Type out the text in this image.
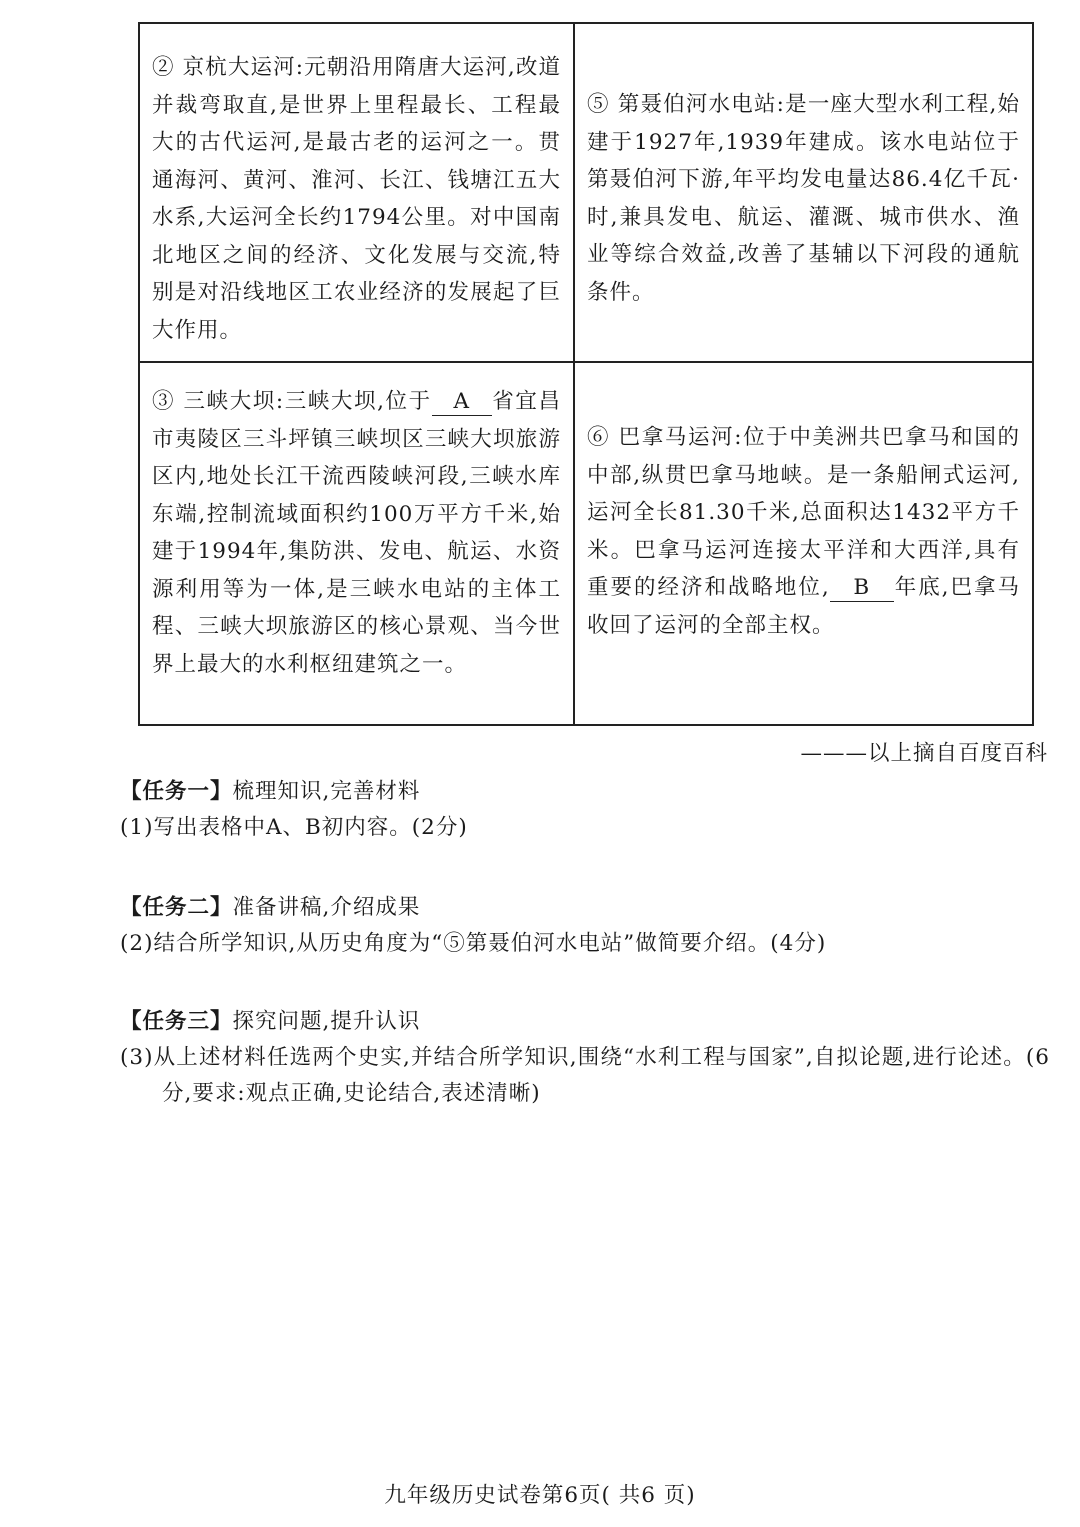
② 京杭大运河:元朝沿用隋唐大运河,改道并裁弯取直,是世界上里程最长、工程最大的古代运河,是最古老的运河之一。贯通海河、黄河、淮河、长江、钱塘江五大水系,大运河全长约1794公里。对中国南北地区之间的经济、文化发展与交流,特别是对沿线地区工农业经济的发展起了巨大作用。
⑤ 第聂伯河水电站:是一座大型水利工程,始建于1927年,1939年建成。该水电站位于第聂伯河下游,年平均发电量达86.4亿千瓦·时,兼具发电、航运、灌溉、城市供水、渔业等综合效益,改善了基辅以下河段的通航条件。
③ 三峡大坝:三峡大坝,位于 A 省宜昌市夷陵区三斗坪镇三峡坝区三峡大坝旅游区内,地处长江干流西陵峡河段,三峡水库东端,控制流域面积约100万平方千米,始建于1994年,集防洪、发电、航运、水资源利用等为一体,是三峡水电站的主体工程、三峡大坝旅游区的核心景观、当今世界上最大的水利枢纽建筑之一。
⑥ 巴拿马运河:位于中美洲共巴拿马和国的中部,纵贯巴拿马地峡。是一条船闸式运河,运河全长81.30千米,总面积达1432平方千米。巴拿马运河连接太平洋和大西洋,具有重要的经济和战略地位, B 年底,巴拿马收回了运河的全部主权。
———以上摘自百度百科
【任务一】梳理知识,完善材料
(1)写出表格中A、B初内容。(2分)
【任务二】准备讲稿,介绍成果
(2)结合所学知识,从历史角度为“⑤第聂伯河水电站”做简要介绍。(4分)
【任务三】探究问题,提升认识
(3)从上述材料任选两个史实,并结合所学知识,围绕“水利工程与国家”,自拟论题,进行论述。(6分,要求:观点正确,史论结合,表述清晰)
九年级历史试卷第6页( 共6 页)
